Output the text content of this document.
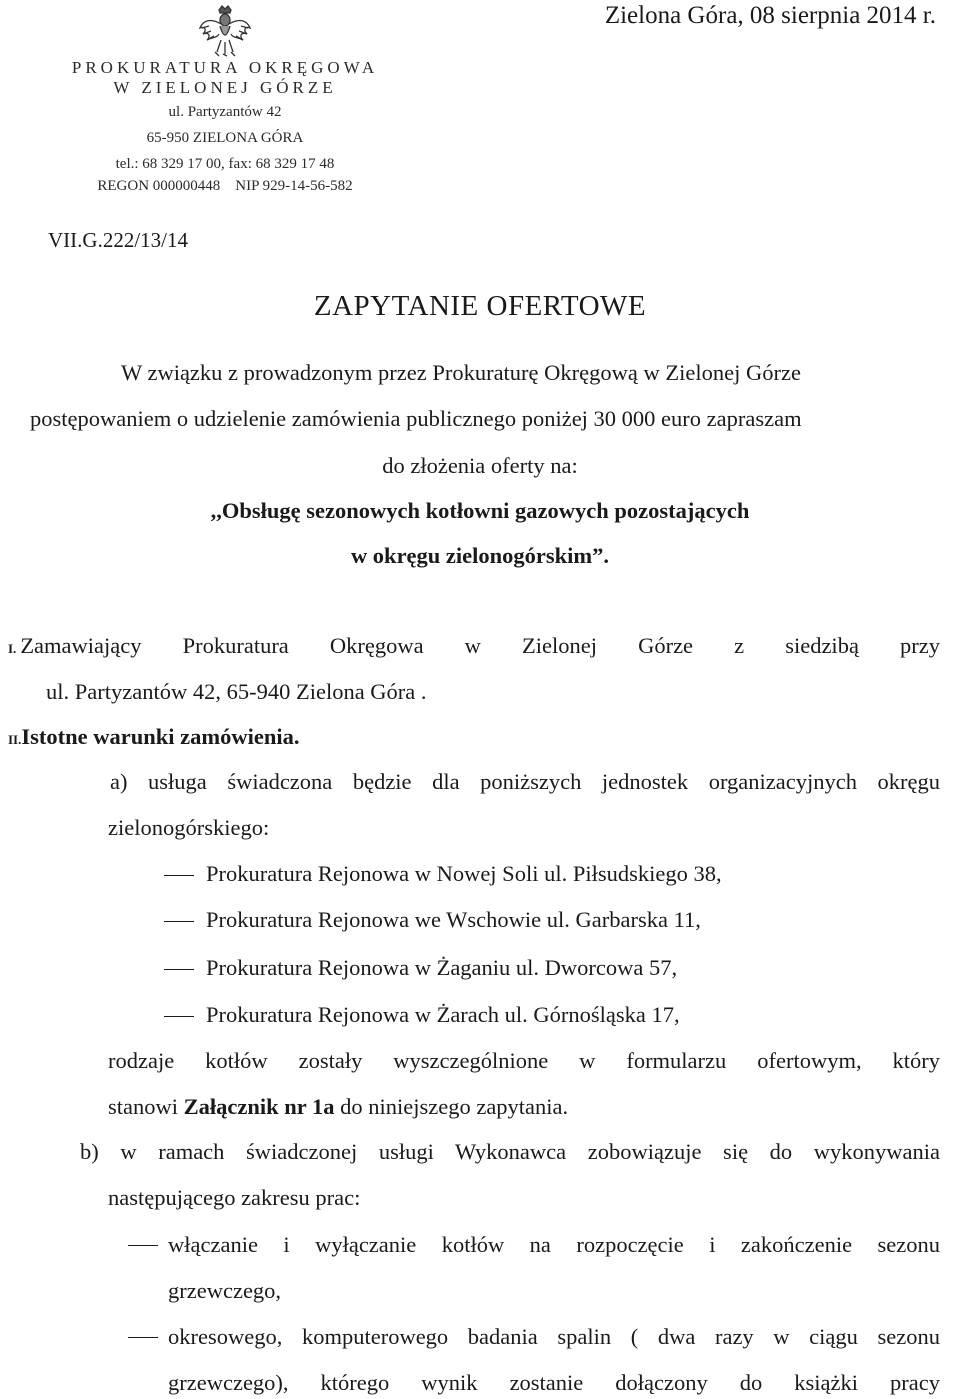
PROKURATURA OKRĘGOWA
W ZIELONEJ GÓRZE
ul. Partyzantów 42
65-950 ZIELONA GÓRA
tel.: 68 329 17 00, fax: 68 329 17 48
REGON 000000448    NIP 929-14-56-582
Zielona Góra, 08 sierpnia 2014 r.
VII.G.222/13/14
ZAPYTANIE OFERTOWE
W związku z prowadzonym przez Prokuraturę Okręgową w Zielonej Górze
postępowaniem o udzielenie zamówienia publicznego poniżej 30 000 euro zapraszam
do złożenia oferty na:
,,Obsługę sezonowych kotłowni gazowych pozostających
w okręgu zielonogórskim”.
I. Zamawiający Prokuratura Okręgowa w Zielonej Górze z siedzibą przy
ul. Partyzantów 42, 65-940 Zielona Góra .
II.Istotne warunki zamówienia.
a) usługa świadczona będzie dla poniższych jednostek organizacyjnych okręgu
zielonogórskiego:
Prokuratura Rejonowa w Nowej Soli ul. Piłsudskiego 38,
Prokuratura Rejonowa we Wschowie ul. Garbarska 11,
Prokuratura Rejonowa w Żaganiu ul. Dworcowa 57,
Prokuratura Rejonowa w Żarach ul. Górnośląska 17,
rodzaje kotłów zostały wyszczególnione w formularzu ofertowym, który
stanowi Załącznik nr 1a do niniejszego zapytania.
b) w ramach świadczonej usługi Wykonawca zobowiązuje się do wykonywania
następującego zakresu prac:
włączanie i wyłączanie kotłów na rozpoczęcie i zakończenie sezonu
grzewczego,
okresowego, komputerowego badania spalin ( dwa razy w ciągu sezonu
grzewczego), którego wynik zostanie dołączony do książki pracy
